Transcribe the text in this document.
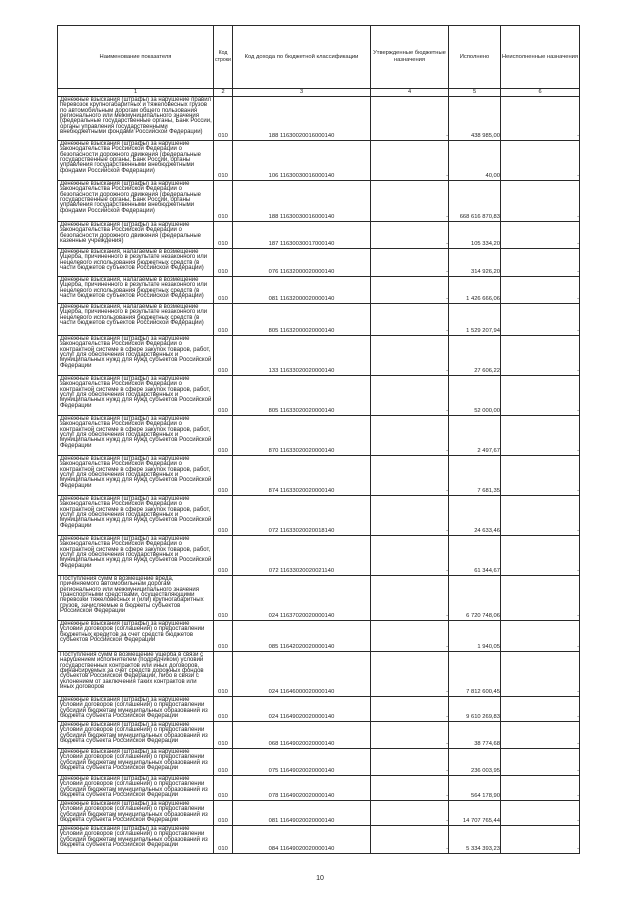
Наименование показателя	Код строки	Код дохода по бюджетной классификации	Утвержденные бюджетные назначения	Исполнено	Неисполненные назначения
1	2	3	4	5	6

Денежные взыскания (штрафы) за нарушение правил перевозок крупногабаритных и тяжеловесных грузов по автомобильным дорогам общего пользования регионального или межмуниципального значения (федеральные государственные органы, Банк России, органы управления государственными внебюджетными фондами Российской Федерации)	010	188 11630020016000140	-	438 985,00	-

Денежные взыскания (штрафы) за нарушение законодательства Российской Федерации о безопасности дорожного движения (федеральные государственные органы, Банк России, органы управления государственными внебюджетными фондами Российской Федерации)	010	106 11630030016000140	-	40,00	-

Денежные взыскания (штрафы) за нарушение законодательства Российской Федерации о безопасности дорожного движения (федеральные государственные органы, Банк России, органы управления государственными внебюджетными фондами Российской Федерации)	010	188 11630030016000140	-	668 616 870,83	-

Денежные взыскания (штрафы) за нарушение законодательства Российской Федерации о безопасности дорожного движения (федеральные казенные учреждения)	010	187 11630030017000140	-	105 334,20	-

Денежные взыскания, налагаемые в возмещение ущерба, причиненного в результате незаконного или нецелевого использования бюджетных средств (в части бюджетов субъектов Российской Федерации)	010	076 11632000020000140	-	314 926,20	-

Денежные взыскания, налагаемые в возмещение ущерба, причиненного в результате незаконного или нецелевого использования бюджетных средств (в части бюджетов субъектов Российской Федерации)	010	081 11632000020000140	-	1 426 666,06	-

Денежные взыскания, налагаемые в возмещение ущерба, причиненного в результате незаконного или нецелевого использования бюджетных средств (в части бюджетов субъектов Российской Федерации)	010	805 11632000020000140	-	1 529 207,94	-

Денежные взыскания (штрафы) за нарушение законодательства Российской Федерации о контрактной системе в сфере закупок товаров, работ, услуг для обеспечения государственных и муниципальных нужд для нужд субъектов Российской Федерации	010	133 11633020020000140	-	27 606,22	-

Денежные взыскания (штрафы) за нарушение законодательства Российской Федерации о контрактной системе в сфере закупок товаров, работ, услуг для обеспечения государственных и муниципальных нужд для нужд субъектов Российской Федерации	010	805 11633020020000140	-	52 000,00	-

Денежные взыскания (штрафы) за нарушение законодательства Российской Федерации о контрактной системе в сфере закупок товаров, работ, услуг для обеспечения государственных и муниципальных нужд для нужд субъектов Российской Федерации	010	870 11633020020000140	-	2 497,67	-

Денежные взыскания (штрафы) за нарушение законодательства Российской Федерации о контрактной системе в сфере закупок товаров, работ, услуг для обеспечения государственных и муниципальных нужд для нужд субъектов Российской Федерации	010	874 11633020020000140	-	7 681,35	-

Денежные взыскания (штрафы) за нарушение законодательства Российской Федерации о контрактной системе в сфере закупок товаров, работ, услуг для обеспечения государственных и муниципальных нужд для нужд субъектов Российской Федерации	010	072 11633020020018140	-	24 633,46	-

Денежные взыскания (штрафы) за нарушение законодательства Российской Федерации о контрактной системе в сфере закупок товаров, работ, услуг для обеспечения государственных и муниципальных нужд для нужд субъектов Российской Федерации	010	072 11633020020021140	-	61 344,67	-

Поступления сумм в возмещение вреда, причиняемого автомобильным дорогам регионального или межмуниципального значения транспортными средствами, осуществляющими перевозки тяжеловесных и (или) крупногабаритных грузов, зачисляемые в бюджеты субъектов Российской Федерации	010	024 11637020020000140	-	6 720 748,06	-

Денежные взыскания (штрафы) за нарушение условий договоров (соглашений) о предоставлении бюджетных кредитов за счет средств бюджетов субъектов Российской Федерации	010	085 11642020020000140	-	1 940,05	-

Поступления сумм в возмещение ущерба в связи с нарушением исполнителем (подрядчиком) условий государственных контрактов или иных договоров, финансируемых за счет средств дорожных фондов субъектов Российской Федерации, либо в связи с уклонением от заключения таких контрактов или иных договоров	010	024 11646000020000140	-	7 812 600,45	-

Денежные взыскания (штрафы) за нарушение условий договоров (соглашений) о предоставлении субсидий бюджетам муниципальных образований из бюджета субъекта Российской Федерации	010	024 11649020020000140	-	9 610 269,83	-

Денежные взыскания (штрафы) за нарушение условий договоров (соглашений) о предоставлении субсидий бюджетам муниципальных образований из бюджета субъекта Российской Федерации	010	068 11649020020000140	-	38 774,68	-

Денежные взыскания (штрафы) за нарушение условий договоров (соглашений) о предоставлении субсидий бюджетам муниципальных образований из бюджета субъекта Российской Федерации	010	075 11649020020000140	-	236 003,95	-

Денежные взыскания (штрафы) за нарушение условий договоров (соглашений) о предоставлении субсидий бюджетам муниципальных образований из бюджета субъекта Российской Федерации	010	078 11649020020000140	-	564 178,90	-

Денежные взыскания (штрафы) за нарушение условий договоров (соглашений) о предоставлении субсидий бюджетам муниципальных образований из бюджета субъекта Российской Федерации	010	081 11649020020000140	-	14 707 765,44	-

Денежные взыскания (штрафы) за нарушение условий договоров (соглашений) о предоставлении субсидий бюджетам муниципальных образований из бюджета субъекта Российской Федерации	010	084 11649020020000140	-	5 334 393,23	-
10
